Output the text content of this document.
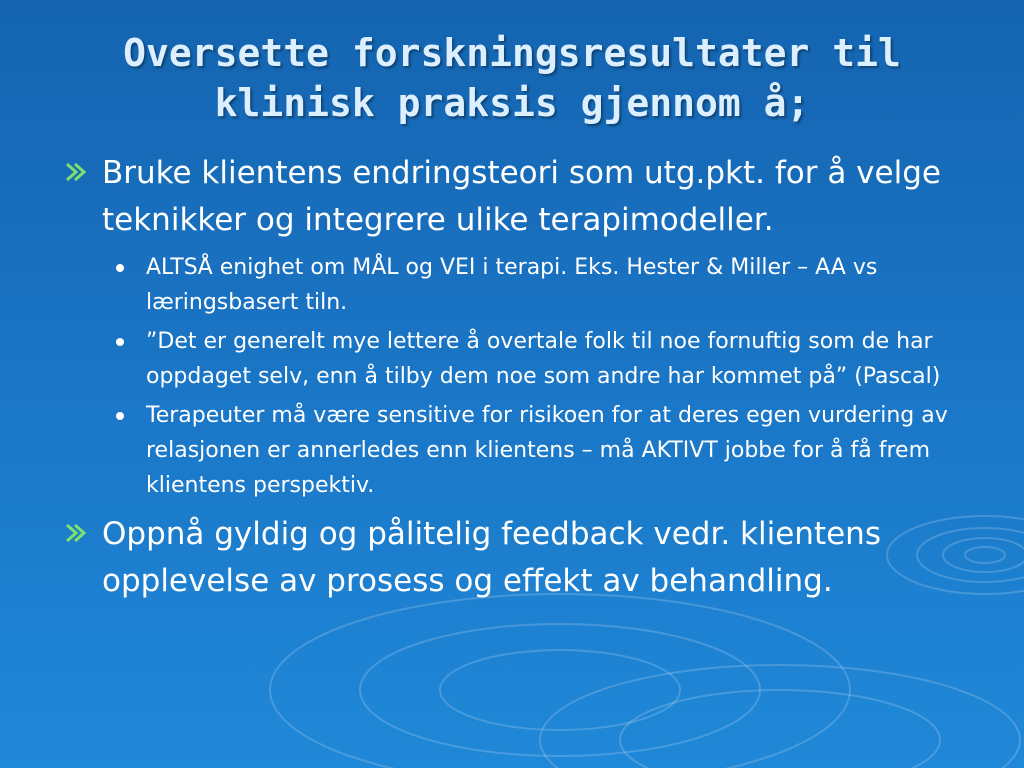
Oversette forskningsresultater til
klinisk praksis gjennom å;
Bruke klientens endringsteori som utg.pkt. for å velge teknikker og integrere ulike terapimodeller.
ALTSÅ enighet om MÅL og VEI i terapi. Eks. Hester & Miller – AA vs læringsbasert tiln.
”Det er generelt mye lettere å overtale folk til noe fornuftig som de har oppdaget selv, enn å tilby dem noe som andre har kommet på” (Pascal)
Terapeuter må være sensitive for risikoen for at deres egen vurdering av relasjonen er annerledes enn klientens – må AKTIVT jobbe for å få frem klientens perspektiv.
Oppnå gyldig og pålitelig feedback vedr. klientens opplevelse av prosess og effekt av behandling.
